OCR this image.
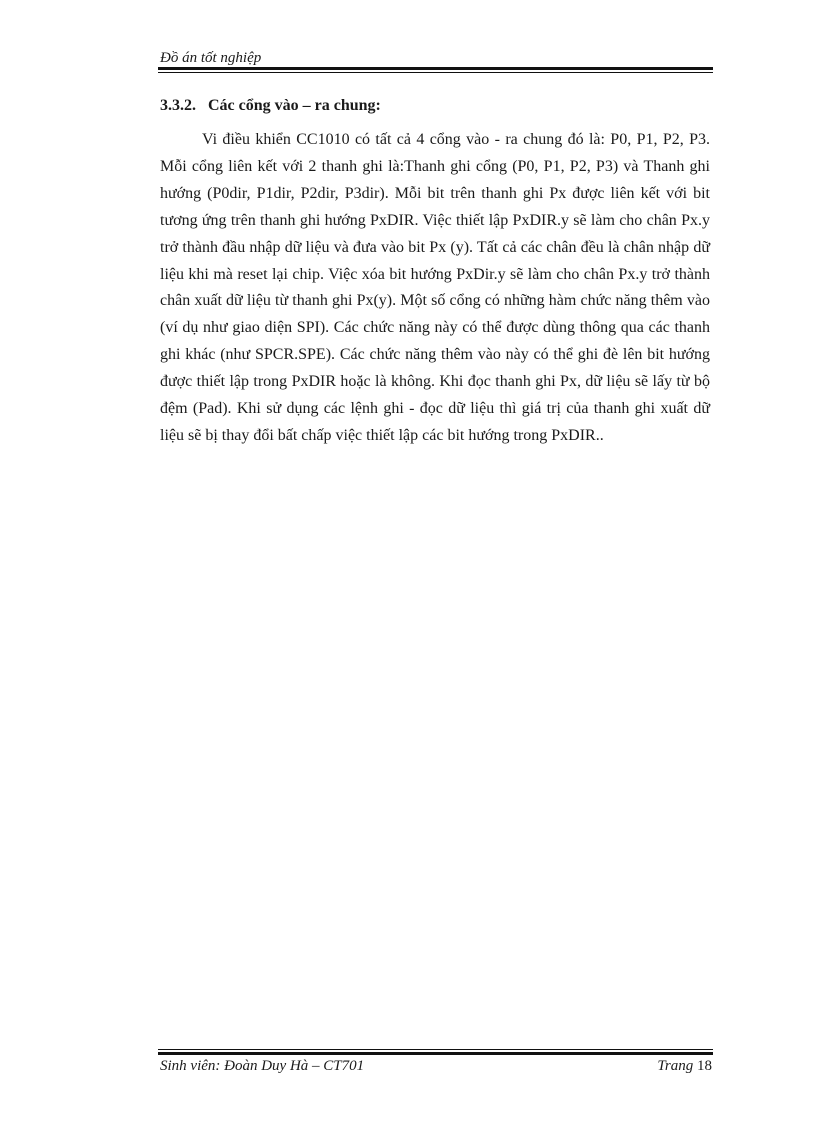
Đồ án tốt nghiệp
3.3.2. Các cổng vào – ra chung:

Vi điều khiển CC1010 có tất cả 4 cổng vào - ra chung đó là: P0, P1, P2, P3. Mỗi cổng liên kết với 2 thanh ghi là:Thanh ghi cổng (P0, P1, P2, P3) và Thanh ghi hướng (P0dir, P1dir, P2dir, P3dir). Mỗi bit trên thanh ghi Px được liên kết với bit tương ứng trên thanh ghi hướng PxDIR. Việc thiết lập PxDIR.y sẽ làm cho chân Px.y trở thành đầu nhập dữ liệu và đưa vào bit Px (y). Tất cả các chân đều là chân nhập dữ liệu khi mà reset lại chip. Việc xóa bit hướng PxDir.y sẽ làm cho chân Px.y trở thành chân xuất dữ liệu từ thanh ghi Px(y). Một số cổng có những hàm chức năng thêm vào (ví dụ như giao diện SPI). Các chức năng này có thể được dùng thông qua các thanh ghi khác (như SPCR.SPE). Các chức năng thêm vào này có thể ghi đè lên bit hướng được thiết lập trong PxDIR hoặc là không. Khi đọc thanh ghi Px, dữ liệu sẽ lấy từ bộ đệm (Pad). Khi sử dụng các lệnh ghi - đọc dữ liệu thì giá trị của thanh ghi xuất dữ liệu sẽ bị thay đổi bất chấp việc thiết lập các bit hướng trong PxDIR..

Sinh viên: Đoàn Duy Hà – CT701	Trang 18
